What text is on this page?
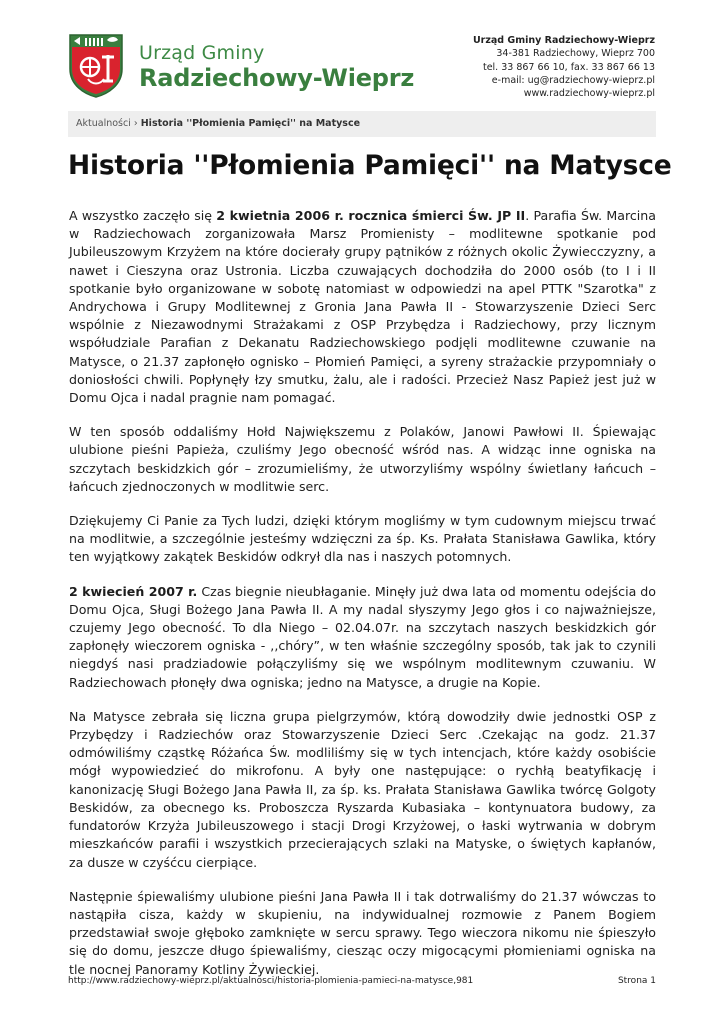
Urząd Gminy
Radziechowy-Wieprz
Urząd Gminy Radziechowy-Wieprz
34-381 Radziechowy, Wieprz 700
tel. 33 867 66 10, fax. 33 867 66 13
e-mail: ug@radziechowy-wieprz.pl
www.radziechowy-wieprz.pl
Aktualności › Historia ''Płomienia Pamięci'' na Matysce
Historia ''Płomienia Pamięci'' na Matysce

A wszystko zaczęło się 2 kwietnia 2006 r. rocznica śmierci Św. JP II. Parafia Św. Marcina w Radziechowach zorganizowała Marsz Promienisty – modlitewne spotkanie pod Jubileuszowym Krzyżem na które docierały grupy pątników z różnych okolic Żywiecczyzny, a nawet i Cieszyna oraz Ustronia. Liczba czuwających dochodziła do 2000 osób (to I i II spotkanie było organizowane w sobotę natomiast w odpowiedzi na apel PTTK "Szarotka" z Andrychowa i Grupy Modlitewnej z Gronia Jana Pawła II - Stowarzyszenie Dzieci Serc wspólnie z Niezawodnymi Strażakami z OSP Przybędza i Radziechowy, przy licznym współudziale Parafian z Dekanatu Radziechowskiego podjęli modlitewne czuwanie na Matysce, o 21.37 zapłonęło ognisko – Płomień Pamięci, a syreny strażackie przypomniały o doniosłości chwili. Popłynęły łzy smutku, żalu, ale i radości. Przecież Nasz Papież jest już w Domu Ojca i nadal pragnie nam pomagać.

W ten sposób oddaliśmy Hołd Największemu z Polaków, Janowi Pawłowi II. Śpiewając ulubione pieśni Papieża, czuliśmy Jego obecność wśród nas. A widząc inne ogniska na szczytach beskidzkich gór – zrozumieliśmy, że utworzyliśmy wspólny świetlany łańcuch – łańcuch zjednoczonych w modlitwie serc.

Dziękujemy Ci Panie za Tych ludzi, dzięki którym mogliśmy w tym cudownym miejscu trwać na modlitwie, a szczególnie jesteśmy wdzięczni za śp. Ks. Prałata Stanisława Gawlika, który ten wyjątkowy zakątek Beskidów odkrył dla nas i naszych potomnych.

2 kwiecień 2007 r. Czas biegnie nieubłaganie. Minęły już dwa lata od momentu odejścia do Domu Ojca, Sługi Bożego Jana Pawła II. A my nadal słyszymy Jego głos i co najważniejsze, czujemy Jego obecność. To dla Niego – 02.04.07r. na szczytach naszych beskidzkich gór zapłonęły wieczorem ogniska - ,,chóry”, w ten właśnie szczególny sposób, tak jak to czynili niegdyś nasi pradziadowie połączyliśmy się we wspólnym modlitewnym czuwaniu. W Radziechowach płonęły dwa ogniska; jedno na Matysce, a drugie na Kopie.

Na Matysce zebrała się liczna grupa pielgrzymów, którą dowodziły dwie jednostki OSP z Przybędzy i Radziechów oraz Stowarzyszenie Dzieci Serc .Czekając na godz. 21.37 odmówiliśmy cząstkę Różańca Św. modliliśmy się w tych intencjach, które każdy osobiście mógł wypowiedzieć do mikrofonu. A były one następujące: o rychłą beatyfikację i kanonizację Sługi Bożego Jana Pawła II, za śp. ks. Prałata Stanisława Gawlika twórcę Golgoty Beskidów, za obecnego ks. Proboszcza Ryszarda Kubasiaka – kontynuatora budowy, za fundatorów Krzyża Jubileuszowego i stacji Drogi Krzyżowej, o łaski wytrwania w dobrym mieszkańców parafii i wszystkich przecierających szlaki na Matyske, o świętych kapłanów, za dusze w czyśćcu cierpiące.

Następnie śpiewaliśmy ulubione pieśni Jana Pawła II i tak dotrwaliśmy do 21.37 wówczas to nastąpiła cisza, każdy w skupieniu, na indywidualnej rozmowie z Panem Bogiem przedstawiał swoje głęboko zamknięte w sercu sprawy. Tego wieczora nikomu nie śpieszyło się do domu, jeszcze długo śpiewaliśmy, ciesząc oczy migocącymi płomieniami ogniska na tle nocnej Panoramy Kotliny Żywieckiej.

http://www.radziechowy-wieprz.pl/aktualnosci/historia-plomienia-pamieci-na-matysce,981	Strona 1
